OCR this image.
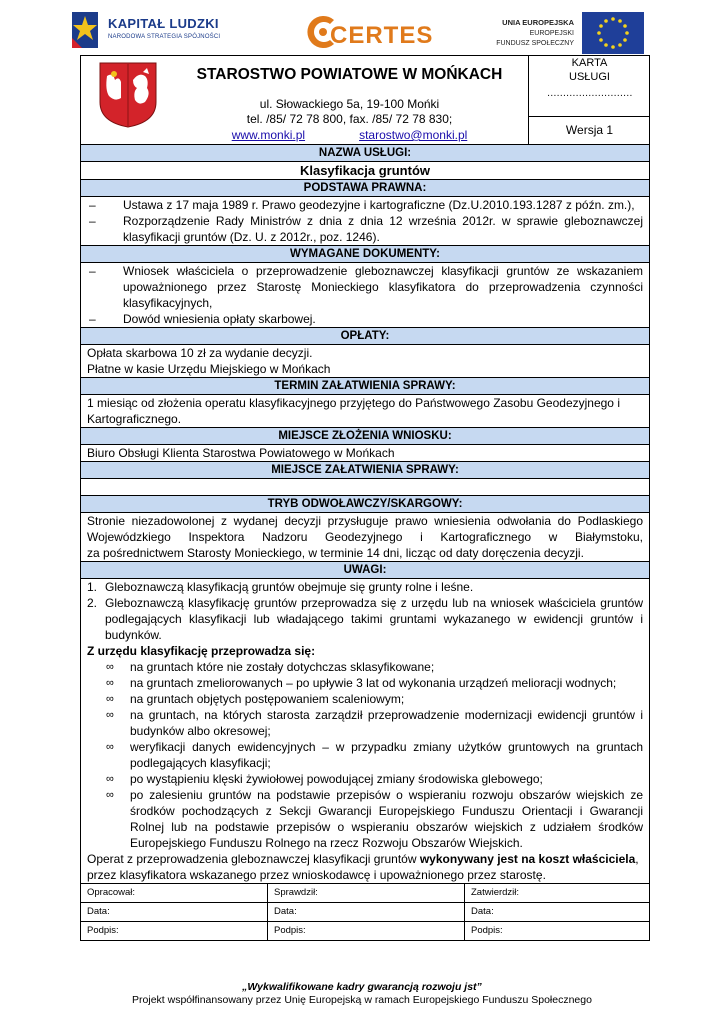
KAPITAŁ LUDZKI
NARODOWA STRATEGIA SPÓJNOŚCI	CERTES	UNIA EUROPEJSKA
EUROPEJSKI
FUNDUSZ SPOŁECZNY
STAROSTWO POWIATOWE W MOŃKACH
ul. Słowackiego 5a, 19-100 Mońki
tel. /85/ 72 78 800, fax. /85/ 72 78 830;
www.monki.pl	starostwo@monki.pl
KARTA
USŁUGI
………………………
Wersja 1
NAZWA USŁUGI:
Klasyfikacja gruntów
PODSTAWA PRAWNA:
– Ustawa z 17 maja 1989 r. Prawo geodezyjne i kartograficzne (Dz.U.2010.193.1287 z późn. zm.),
– Rozporządzenie Rady Ministrów z dnia z dnia 12 września 2012r. w sprawie gleboznawczej klasyfikacji gruntów (Dz. U. z 2012r., poz. 1246).
WYMAGANE DOKUMENTY:
– Wniosek właściciela o przeprowadzenie gleboznawczej klasyfikacji gruntów ze wskazaniem upoważnionego przez Starostę Monieckiego klasyfikatora do przeprowadzenia czynności klasyfikacyjnych,
– Dowód wniesienia opłaty skarbowej.
OPŁATY:
Opłata skarbowa 10 zł za wydanie decyzji.
Płatne w kasie Urzędu Miejskiego w Mońkach
TERMIN ZAŁATWIENIA SPRAWY:
1 miesiąc od złożenia operatu klasyfikacyjnego przyjętego do Państwowego Zasobu Geodezyjnego i Kartograficznego.
MIEJSCE ZŁOŻENIA WNIOSKU:
Biuro Obsługi Klienta Starostwa Powiatowego w Mońkach
MIEJSCE ZAŁATWIENIA SPRAWY:
TRYB ODWOŁAWCZY/SKARGOWY:
Stronie niezadowolonej z wydanej decyzji przysługuje prawo wniesienia odwołania do Podlaskiego Wojewódzkiego Inspektora Nadzoru Geodezyjnego i Kartograficznego w Białymstoku,
za pośrednictwem Starosty Monieckiego, w terminie 14 dni, licząc od daty doręczenia decyzji.
UWAGI:
1. Gleboznawczą klasyfikacją gruntów obejmuje się grunty rolne i leśne.
2. Gleboznawczą klasyfikację gruntów przeprowadza się z urzędu lub na wniosek właściciela gruntów podlegających klasyfikacji lub władającego takimi gruntami wykazanego w ewidencji gruntów i budynków.
Z urzędu klasyfikację przeprowadza się:
∞ na gruntach które nie zostały dotychczas sklasyfikowane;
∞ na gruntach zmeliorowanych – po upływie 3 lat od wykonania urządzeń melioracji wodnych;
∞ na gruntach objętych postępowaniem scaleniowym;
∞ na gruntach, na których starosta zarządził przeprowadzenie modernizacji ewidencji gruntów i budynków albo okresowej;
∞ weryfikacji danych ewidencyjnych – w przypadku zmiany użytków gruntowych na gruntach podlegających klasyfikacji;
∞ po wystąpieniu klęski żywiołowej powodującej zmiany środowiska glebowego;
∞ po zalesieniu gruntów na podstawie przepisów o wspieraniu rozwoju obszarów wiejskich ze środków pochodzących z Sekcji Gwarancji Europejskiego Funduszu Orientacji i Gwarancji Rolnej lub na podstawie przepisów o wspieraniu obszarów wiejskich z udziałem środków Europejskiego Funduszu Rolnego na rzecz Rozwoju Obszarów Wiejskich.
Operat z przeprowadzenia gleboznawczej klasyfikacji gruntów wykonywany jest na koszt właściciela,
przez klasyfikatora wskazanego przez wnioskodawcę i upoważnionego przez starostę.
Opracował:	Sprawdził:	Zatwierdził:
Data:	Data:	Data:
Podpis:	Podpis:	Podpis:
„Wykwalifikowane kadry gwarancją rozwoju jst”
Projekt współfinansowany przez Unię Europejską w ramach Europejskiego Funduszu Społecznego
